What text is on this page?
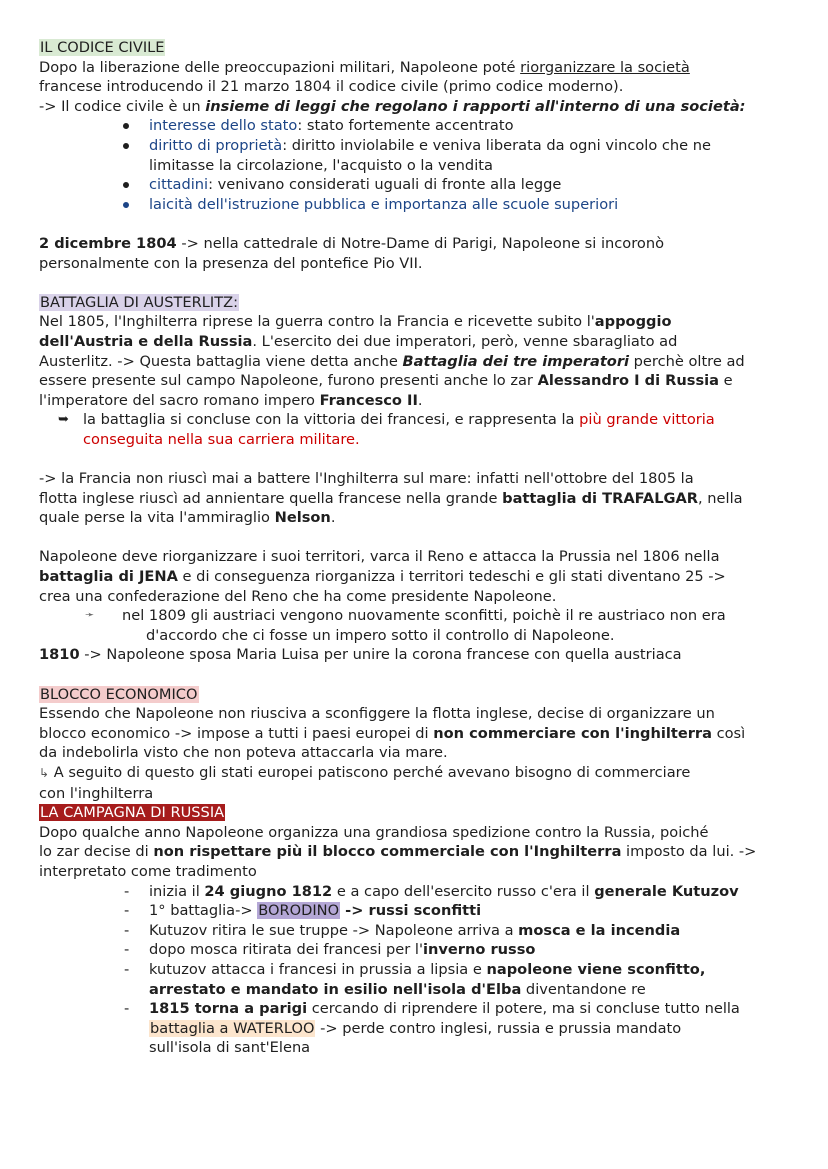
IL CODICE CIVILE

Dopo la liberazione delle preoccupazioni militari, Napoleone poté riorganizzare la società

francese introducendo il 21 marzo 1804 il codice civile (primo codice moderno).

-> Il codice civile è un insieme di leggi che regolano i rapporti all'interno di una società:

interesse dello stato: stato fortemente accentrato
diritto di proprietà: diritto inviolabile e veniva liberata da ogni vincolo che ne
limitasse la circolazione, l'acquisto o la vendita
cittadini: venivano considerati uguali di fronte alla legge
laicità dell'istruzione pubblica e importanza alle scuole superiori

2 dicembre 1804 -> nella cattedrale di Notre-Dame di Parigi, Napoleone si incoronò

personalmente con la presenza del pontefice Pio VII.

BATTAGLIA DI AUSTERLITZ:

Nel 1805, l'Inghilterra riprese la guerra contro la Francia e ricevette subito l'appoggio

dell'Austria e della Russia. L'esercito dei due imperatori, però, venne sbaragliato ad

Austerlitz. -> Questa battaglia viene detta anche Battaglia dei tre imperatori perchè oltre ad

essere presente sul campo Napoleone, furono presenti anche lo zar Alessandro I di Russia e

l'imperatore del sacro romano impero Francesco II.

➥ la battaglia si concluse con la vittoria dei francesi, e rappresenta la più grande vittoria

conseguita nella sua carriera militare.

-> la Francia non riuscì mai a battere l'Inghilterra sul mare: infatti nell'ottobre del 1805 la

flotta inglese riuscì ad annientare quella francese nella grande battaglia di TRAFALGAR, nella

quale perse la vita l'ammiraglio Nelson.

Napoleone deve riorganizzare i suoi territori, varca il Reno e attacca la Prussia nel 1806 nella

battaglia di JENA e di conseguenza riorganizza i territori tedeschi e gli stati diventano 25 ->

crea una confederazione del Reno che ha come presidente Napoleone.

➛ nel 1809 gli austriaci vengono nuovamente sconfitti, poichè il re austriaco non era

d'accordo che ci fosse un impero sotto il controllo di Napoleone.

1810 -> Napoleone sposa Maria Luisa per unire la corona francese con quella austriaca

BLOCCO ECONOMICO

Essendo che Napoleone non riusciva a sconfiggere la flotta inglese, decise di organizzare un

blocco economico -> impose a tutti i paesi europei di non commerciare con l'inghilterra così

da indebolirla visto che non poteva attaccarla via mare.

↳ A seguito di questo gli stati europei patiscono perché avevano bisogno di commerciare

con l'inghilterra

LA CAMPAGNA DI RUSSIA

Dopo qualche anno Napoleone organizza una grandiosa spedizione contro la Russia, poiché

lo zar decise di non rispettare più il blocco commerciale con l'Inghilterra imposto da lui. ->

interpretato come tradimento

- inizia il 24 giugno 1812 e a capo dell'esercito russo c'era il generale Kutuzov
- 1° battaglia-> BORODINO -> russi sconfitti
- Kutuzov ritira le sue truppe -> Napoleone arriva a mosca e la incendia
- dopo mosca ritirata dei francesi per l'inverno russo
- kutuzov attacca i francesi in prussia a lipsia e napoleone viene sconfitto,
arrestato e mandato in esilio nell'isola d'Elba diventandone re
- 1815 torna a parigi cercando di riprendere il potere, ma si concluse tutto nella
battaglia a WATERLOO -> perde contro inglesi, russia e prussia mandato
sull'isola di sant'Elena
